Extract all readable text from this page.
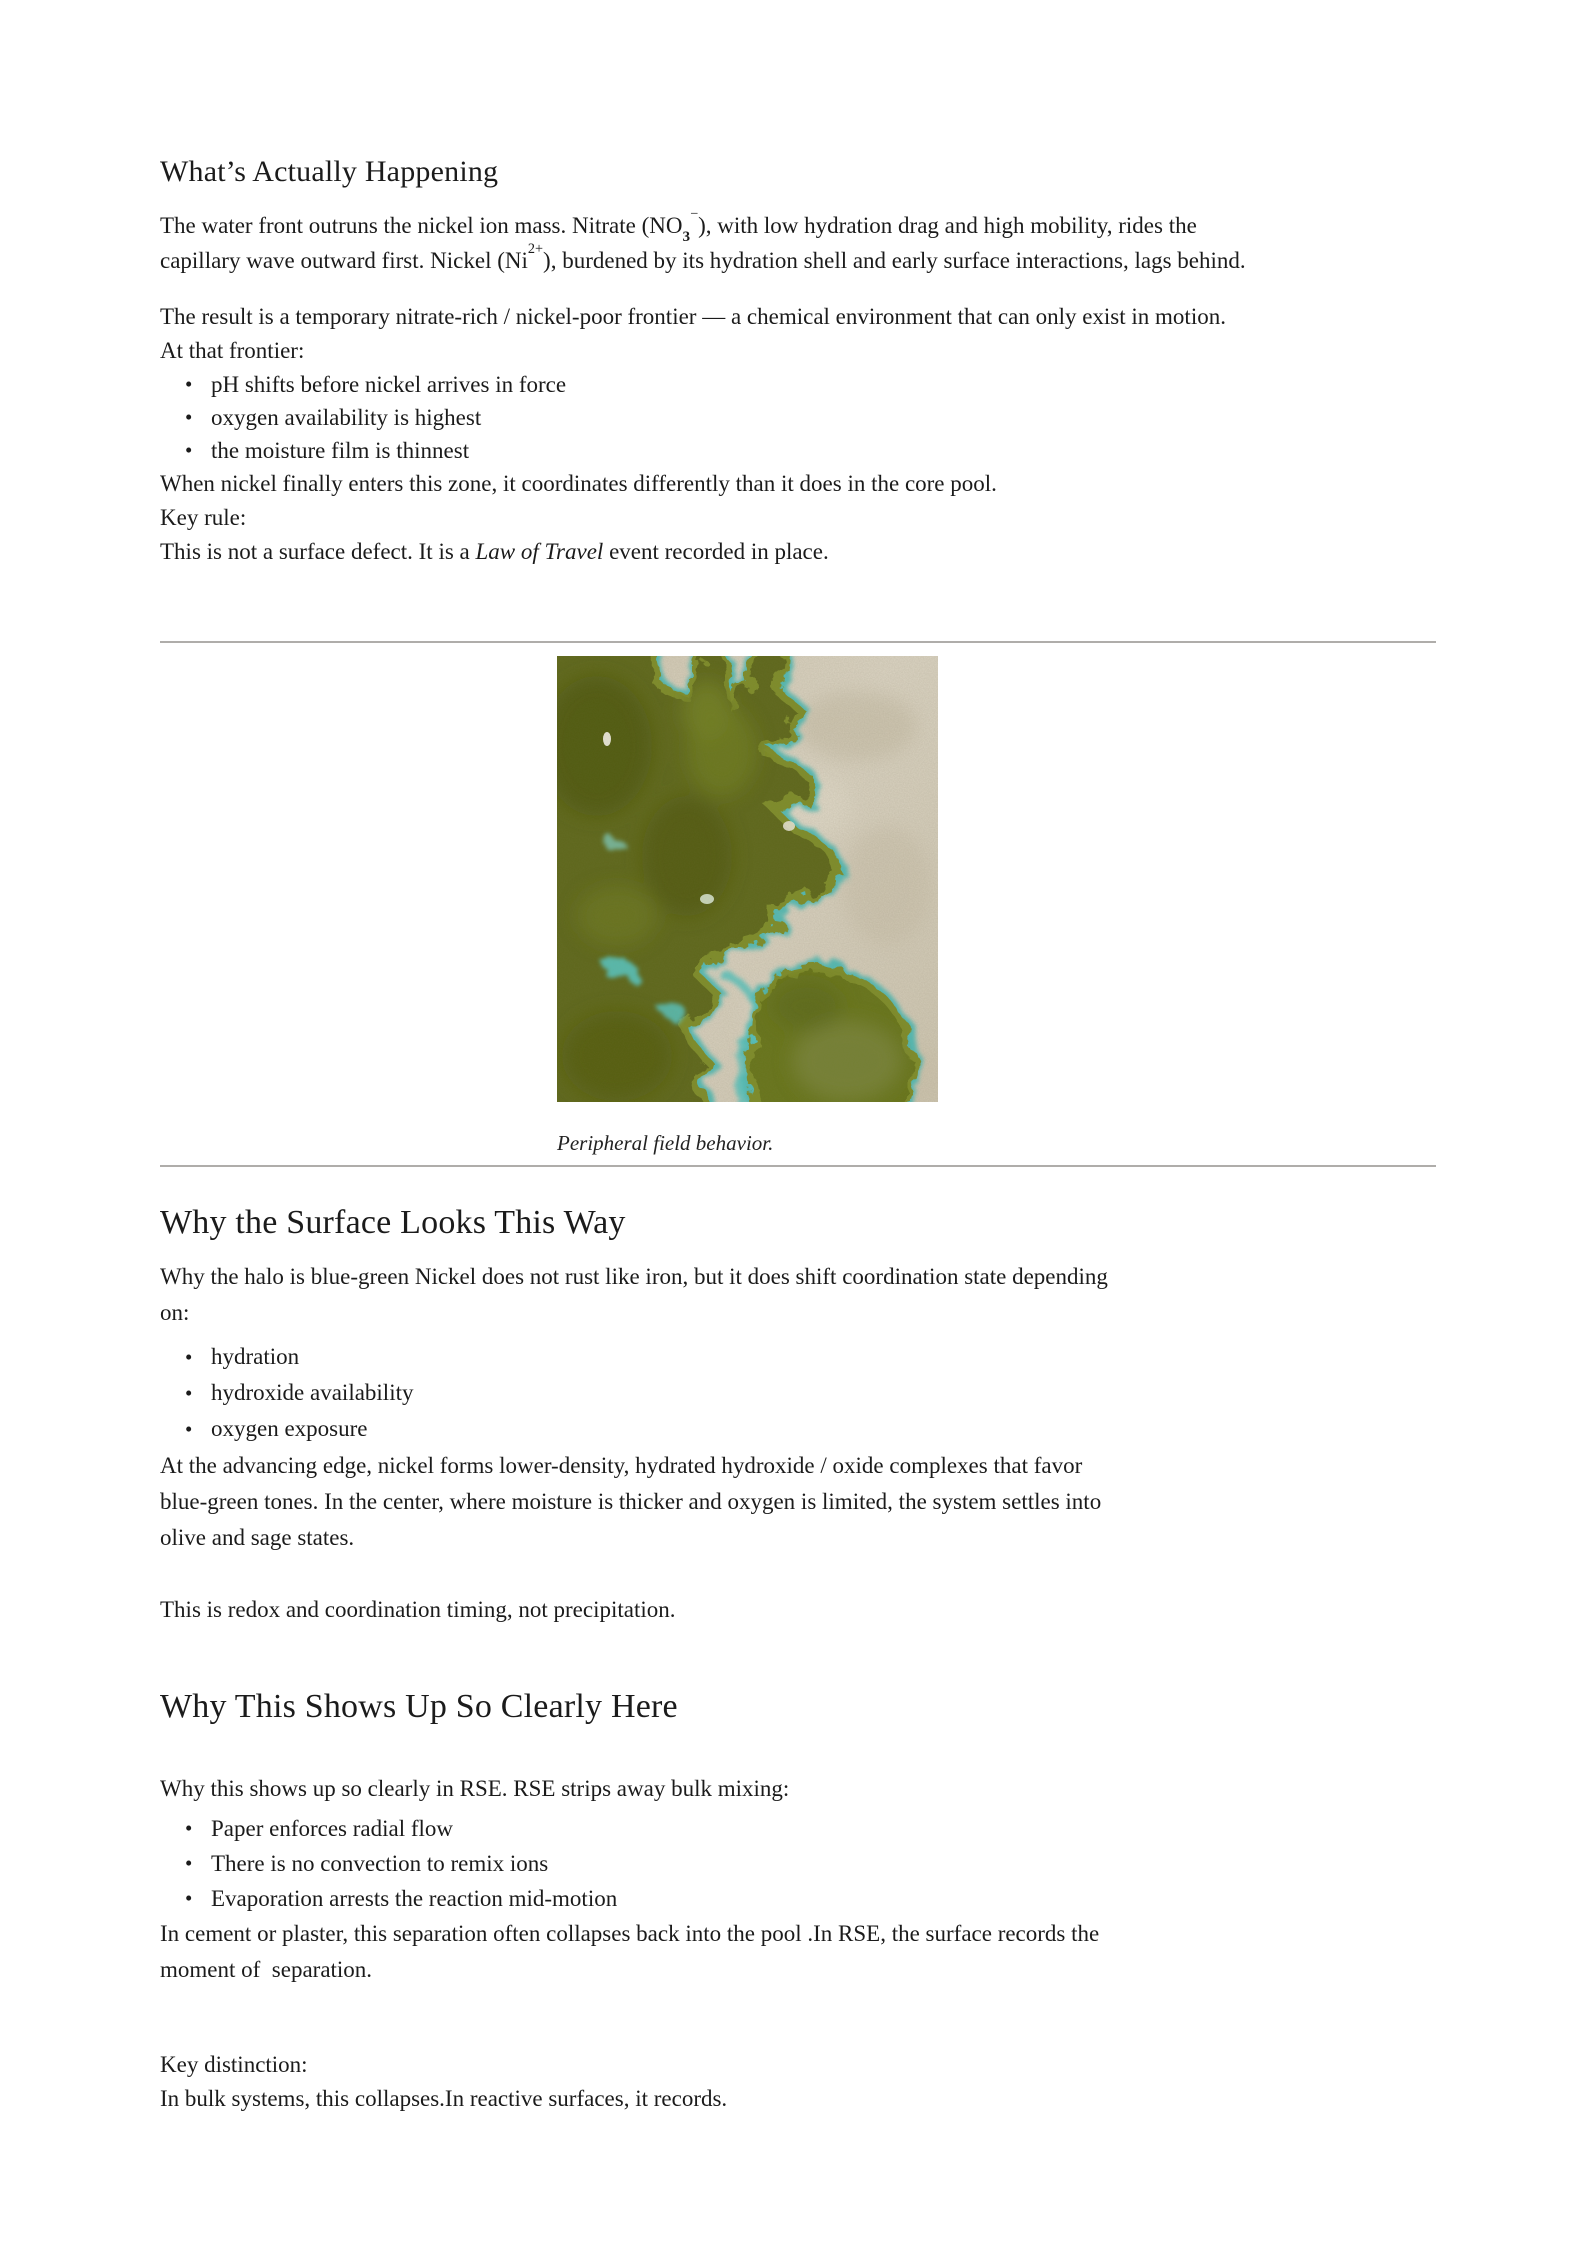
What’s Actually Happening
The water front outruns the nickel ion mass. Nitrate $(NO_3^-)$, with low hydration drag and high mobility, rides the
capillary wave outward first. Nickel $(Ni^{2+})$, burdened by its hydration shell and early surface interactions, lags behind.
The result is a temporary nitrate-rich / nickel-poor frontier — a chemical environment that can only exist in motion.
At that frontier:
• pH shifts before nickel arrives in force
• oxygen availability is highest
• the moisture film is thinnest
When nickel finally enters this zone, it coordinates differently than it does in the core pool.
Key rule:
This is not a surface defect. It is a Law of Travel event recorded in place.
Peripheral field behavior.
Why the Surface Looks This Way
Why the halo is blue-green Nickel does not rust like iron, but it does shift coordination state depending
on:
• hydration
• hydroxide availability
• oxygen exposure
At the advancing edge, nickel forms lower-density, hydrated hydroxide / oxide complexes that favor
blue-green tones. In the center, where moisture is thicker and oxygen is limited, the system settles into
olive and sage states.
This is redox and coordination timing, not precipitation.
Why This Shows Up So Clearly Here
Why this shows up so clearly in RSE. RSE strips away bulk mixing:
• Paper enforces radial flow
• There is no convection to remix ions
• Evaporation arrests the reaction mid-motion
In cement or plaster, this separation often collapses back into the pool .In RSE, the surface records the
moment of  separation.
Key distinction:
In bulk systems, this collapses.In reactive surfaces, it records.
